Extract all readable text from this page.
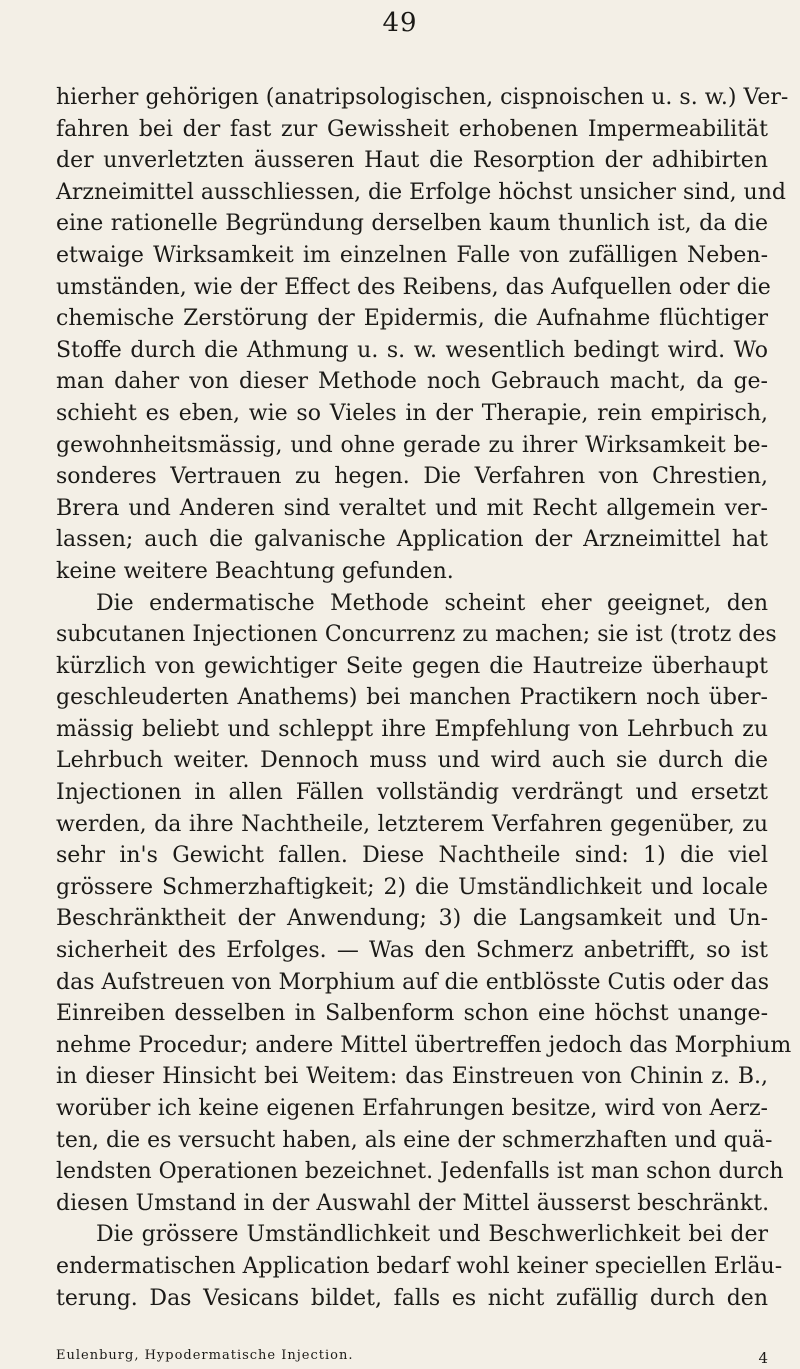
49
hierher gehörigen (anatripsologischen, cispnoischen u. s. w.) Ver-
fahren bei der fast zur Gewissheit erhobenen Impermeabilität
der unverletzten äusseren Haut die Resorption der adhibirten
Arzneimittel ausschliessen, die Erfolge höchst unsicher sind, und
eine rationelle Begründung derselben kaum thunlich ist, da die
etwaige Wirksamkeit im einzelnen Falle von zufälligen Neben-
umständen, wie der Effect des Reibens, das Aufquellen oder die
chemische Zerstörung der Epidermis, die Aufnahme flüchtiger
Stoffe durch die Athmung u. s. w. wesentlich bedingt wird. Wo
man daher von dieser Methode noch Gebrauch macht, da ge-
schieht es eben, wie so Vieles in der Therapie, rein empirisch,
gewohnheitsmässig, und ohne gerade zu ihrer Wirksamkeit be-
sonderes Vertrauen zu hegen. Die Verfahren von Chrestien,
Brera und Anderen sind veraltet und mit Recht allgemein ver-
lassen; auch die galvanische Application der Arzneimittel hat
keine weitere Beachtung gefunden.
Die endermatische Methode scheint eher geeignet, den
subcutanen Injectionen Concurrenz zu machen; sie ist (trotz des
kürzlich von gewichtiger Seite gegen die Hautreize überhaupt
geschleuderten Anathems) bei manchen Practikern noch über-
mässig beliebt und schleppt ihre Empfehlung von Lehrbuch zu
Lehrbuch weiter. Dennoch muss und wird auch sie durch die
Injectionen in allen Fällen vollständig verdrängt und ersetzt
werden, da ihre Nachtheile, letzterem Verfahren gegenüber, zu
sehr in's Gewicht fallen. Diese Nachtheile sind: 1) die viel
grössere Schmerzhaftigkeit; 2) die Umständlichkeit und locale
Beschränktheit der Anwendung; 3) die Langsamkeit und Un-
sicherheit des Erfolges. — Was den Schmerz anbetrifft, so ist
das Aufstreuen von Morphium auf die entblösste Cutis oder das
Einreiben desselben in Salbenform schon eine höchst unange-
nehme Procedur; andere Mittel übertreffen jedoch das Morphium
in dieser Hinsicht bei Weitem: das Einstreuen von Chinin z. B.,
worüber ich keine eigenen Erfahrungen besitze, wird von Aerz-
ten, die es versucht haben, als eine der schmerzhaften und quä-
lendsten Operationen bezeichnet. Jedenfalls ist man schon durch
diesen Umstand in der Auswahl der Mittel äusserst beschränkt.
Die grössere Umständlichkeit und Beschwerlichkeit bei der
endermatischen Application bedarf wohl keiner speciellen Erläu-
terung. Das Vesicans bildet, falls es nicht zufällig durch den
Eulenburg, Hypodermatische Injection.	4
